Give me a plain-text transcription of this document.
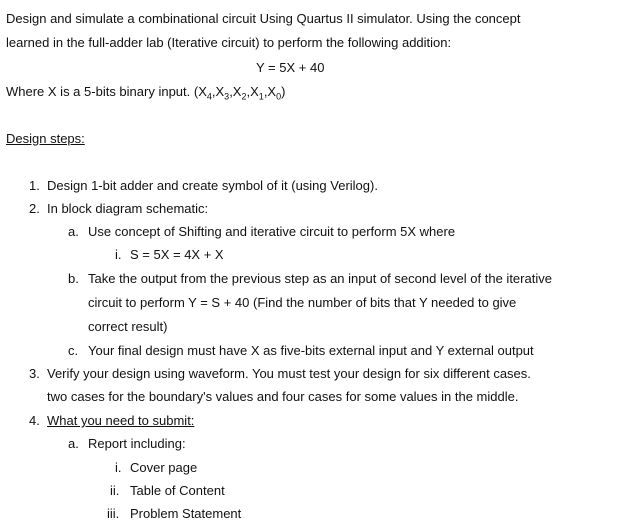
Design and simulate a combinational circuit Using Quartus II simulator. Using the concept
learned in the full-adder lab (Iterative circuit) to perform the following addition:
Y = 5X + 40
Where X is a 5-bits binary input. $(X_4,X_3,X_2,X_1,X_0)$
Design steps:
1. Design 1-bit adder and create symbol of it (using Verilog).
2. In block diagram schematic:
a. Use concept of Shifting and iterative circuit to perform 5X where
i. S = 5X = 4X + X
b. Take the output from the previous step as an input of second level of the iterative
circuit to perform Y = S + 40 (Find the number of bits that Y needed to give
correct result)
c. Your final design must have X as five-bits external input and Y external output
3. Verify your design using waveform. You must test your design for six different cases.
two cases for the boundary's values and four cases for some values in the middle.
4. What you need to submit:
a. Report including:
i. Cover page
ii. Table of Content
iii. Problem Statement
